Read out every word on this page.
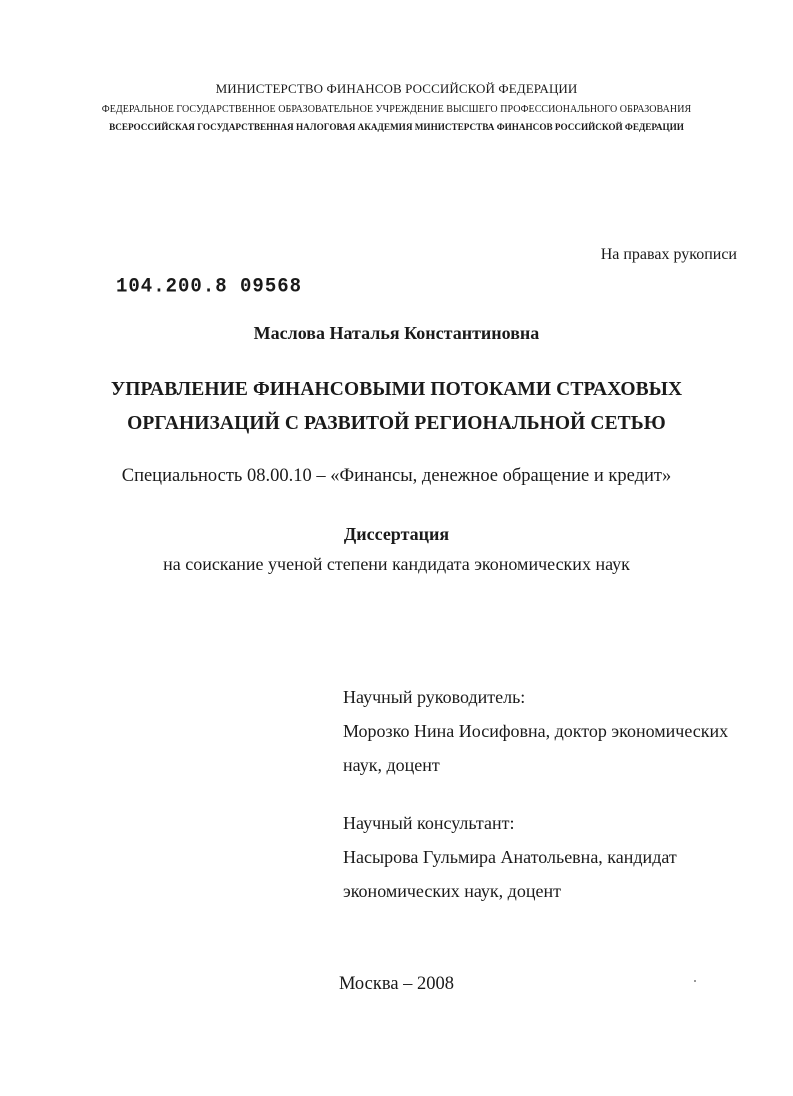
МИНИСТЕРСТВО ФИНАНСОВ РОССИЙСКОЙ ФЕДЕРАЦИИ
ФЕДЕРАЛЬНОЕ ГОСУДАРСТВЕННОЕ ОБРАЗОВАТЕЛЬНОЕ УЧРЕЖДЕНИЕ ВЫСШЕГО ПРОФЕССИОНАЛЬНОГО ОБРАЗОВАНИЯ
ВСЕРОССИЙСКАЯ ГОСУДАРСТВЕННАЯ НАЛОГОВАЯ АКАДЕМИЯ МИНИСТЕРСТВА ФИНАНСОВ РОССИЙСКОЙ ФЕДЕРАЦИИ
На правах рукописи
104.200.8 09568
Маслова Наталья Константиновна
УПРАВЛЕНИЕ ФИНАНСОВЫМИ ПОТОКАМИ СТРАХОВЫХ
ОРГАНИЗАЦИЙ С РАЗВИТОЙ РЕГИОНАЛЬНОЙ СЕТЬЮ
Специальность 08.00.10 – «Финансы, денежное обращение и кредит»
Диссертация
на соискание ученой степени кандидата экономических наук
Научный руководитель:
Морозко Нина Иосифовна, доктор экономических
наук, доцент
Научный консультант:
Насырова Гульмира Анатольевна, кандидат
экономических наук, доцент
Москва – 2008
